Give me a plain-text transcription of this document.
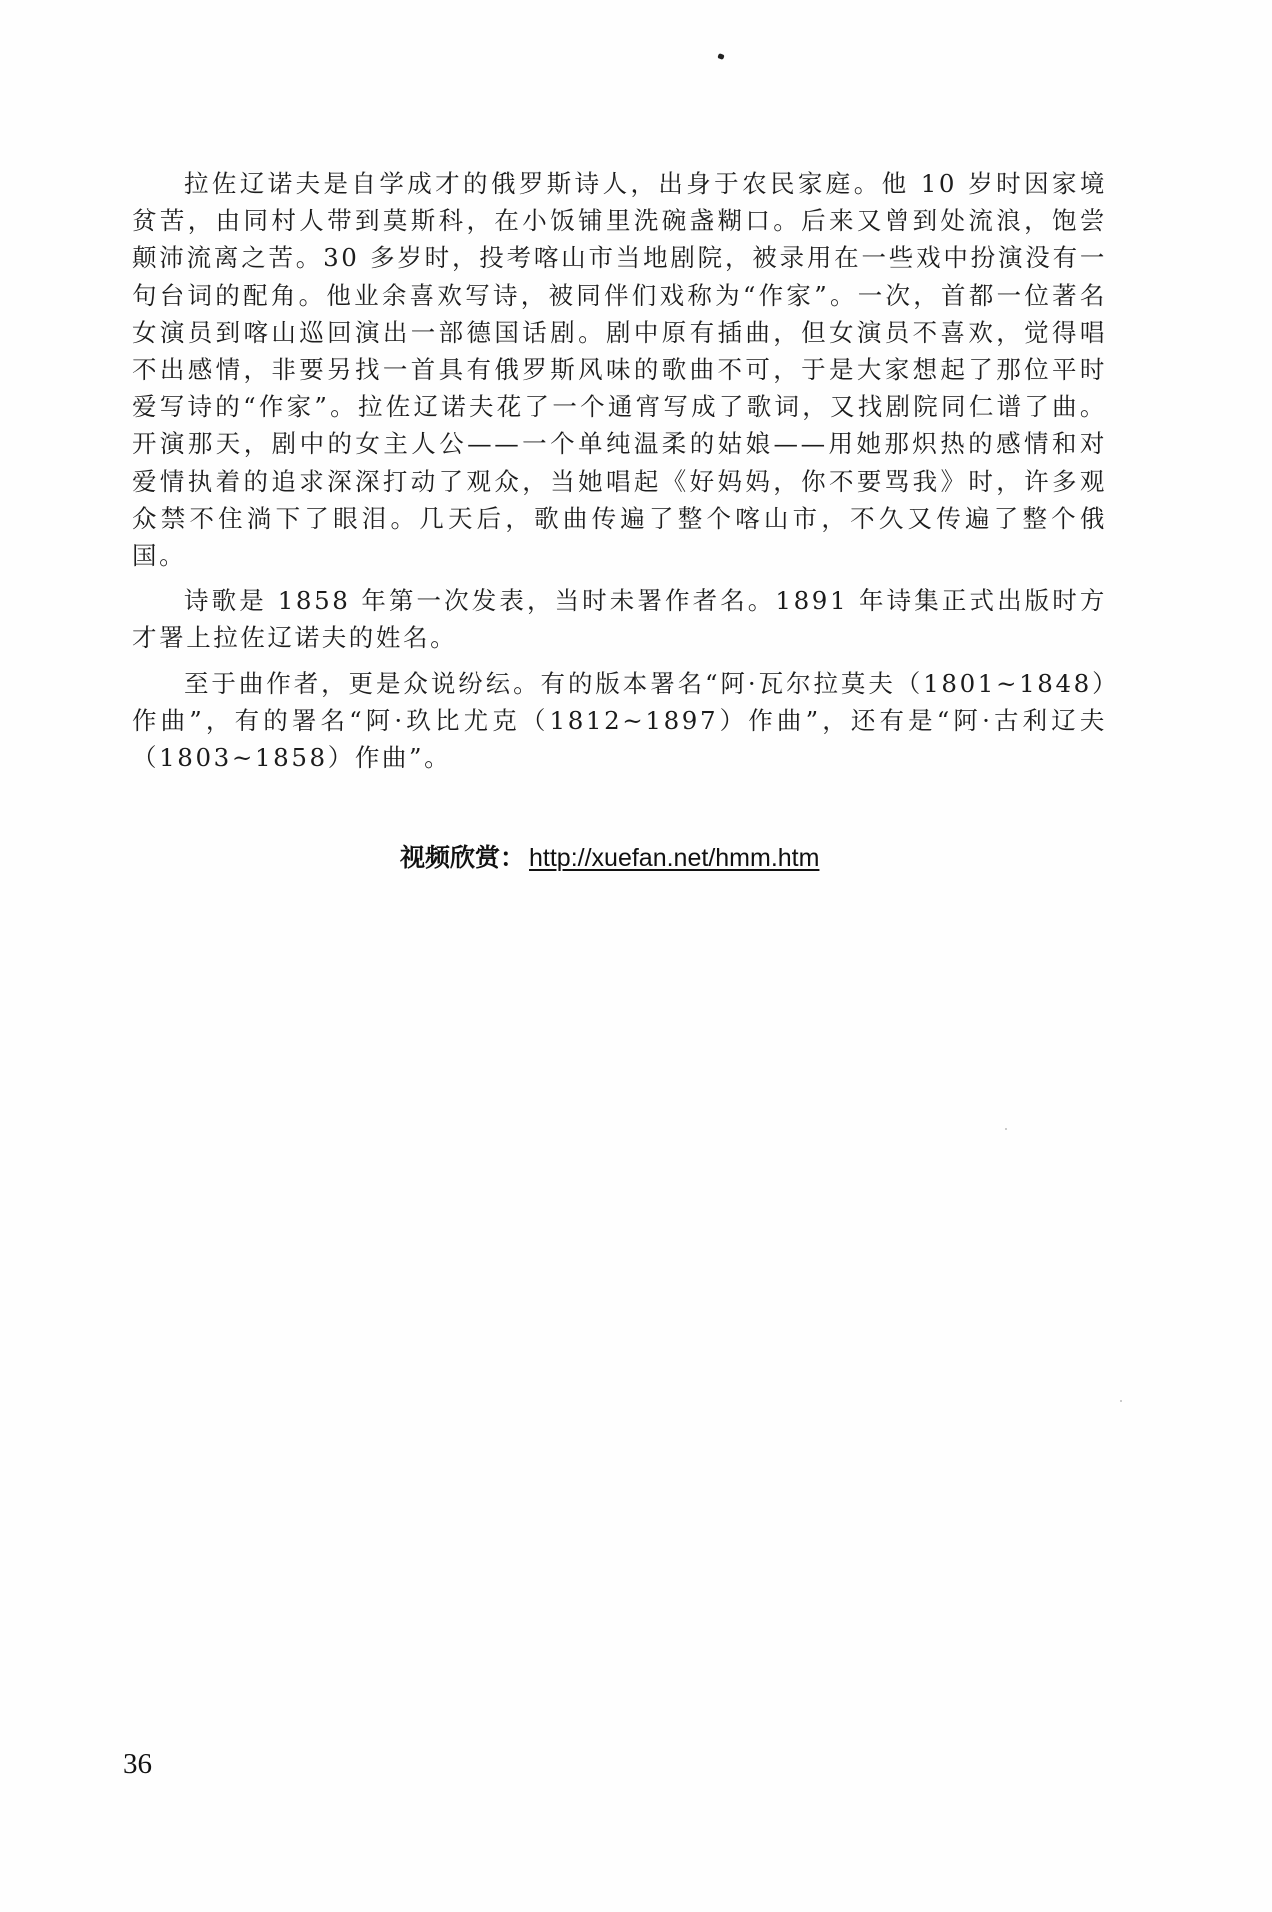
拉佐辽诺夫是自学成才的俄罗斯诗人，出身于农民家庭。他 10 岁时因家境贫苦，由同村人带到莫斯科，在小饭铺里洗碗盏糊口。后来又曾到处流浪，饱尝颠沛流离之苦。30 多岁时，投考喀山市当地剧院，被录用在一些戏中扮演没有一句台词的配角。他业余喜欢写诗，被同伴们戏称为“作家”。一次，首都一位著名女演员到喀山巡回演出一部德国话剧。剧中原有插曲，但女演员不喜欢，觉得唱不出感情，非要另找一首具有俄罗斯风味的歌曲不可，于是大家想起了那位平时爱写诗的“作家”。拉佐辽诺夫花了一个通宵写成了歌词，又找剧院同仁谱了曲。开演那天，剧中的女主人公——一个单纯温柔的姑娘——用她那炽热的感情和对爱情执着的追求深深打动了观众，当她唱起《好妈妈，你不要骂我》时，许多观众禁不住淌下了眼泪。几天后，歌曲传遍了整个喀山市，不久又传遍了整个俄国。

诗歌是 1858 年第一次发表，当时未署作者名。1891 年诗集正式出版时方才署上拉佐辽诺夫的姓名。

至于曲作者，更是众说纷纭。有的版本署名“阿·瓦尔拉莫夫（1801~1848）作曲”，有的署名“阿·玖比尤克（1812~1897）作曲”，还有是“阿·古利辽夫（1803~1858）作曲”。

视频欣赏： http://xuefan.net/hmm.htm
36
